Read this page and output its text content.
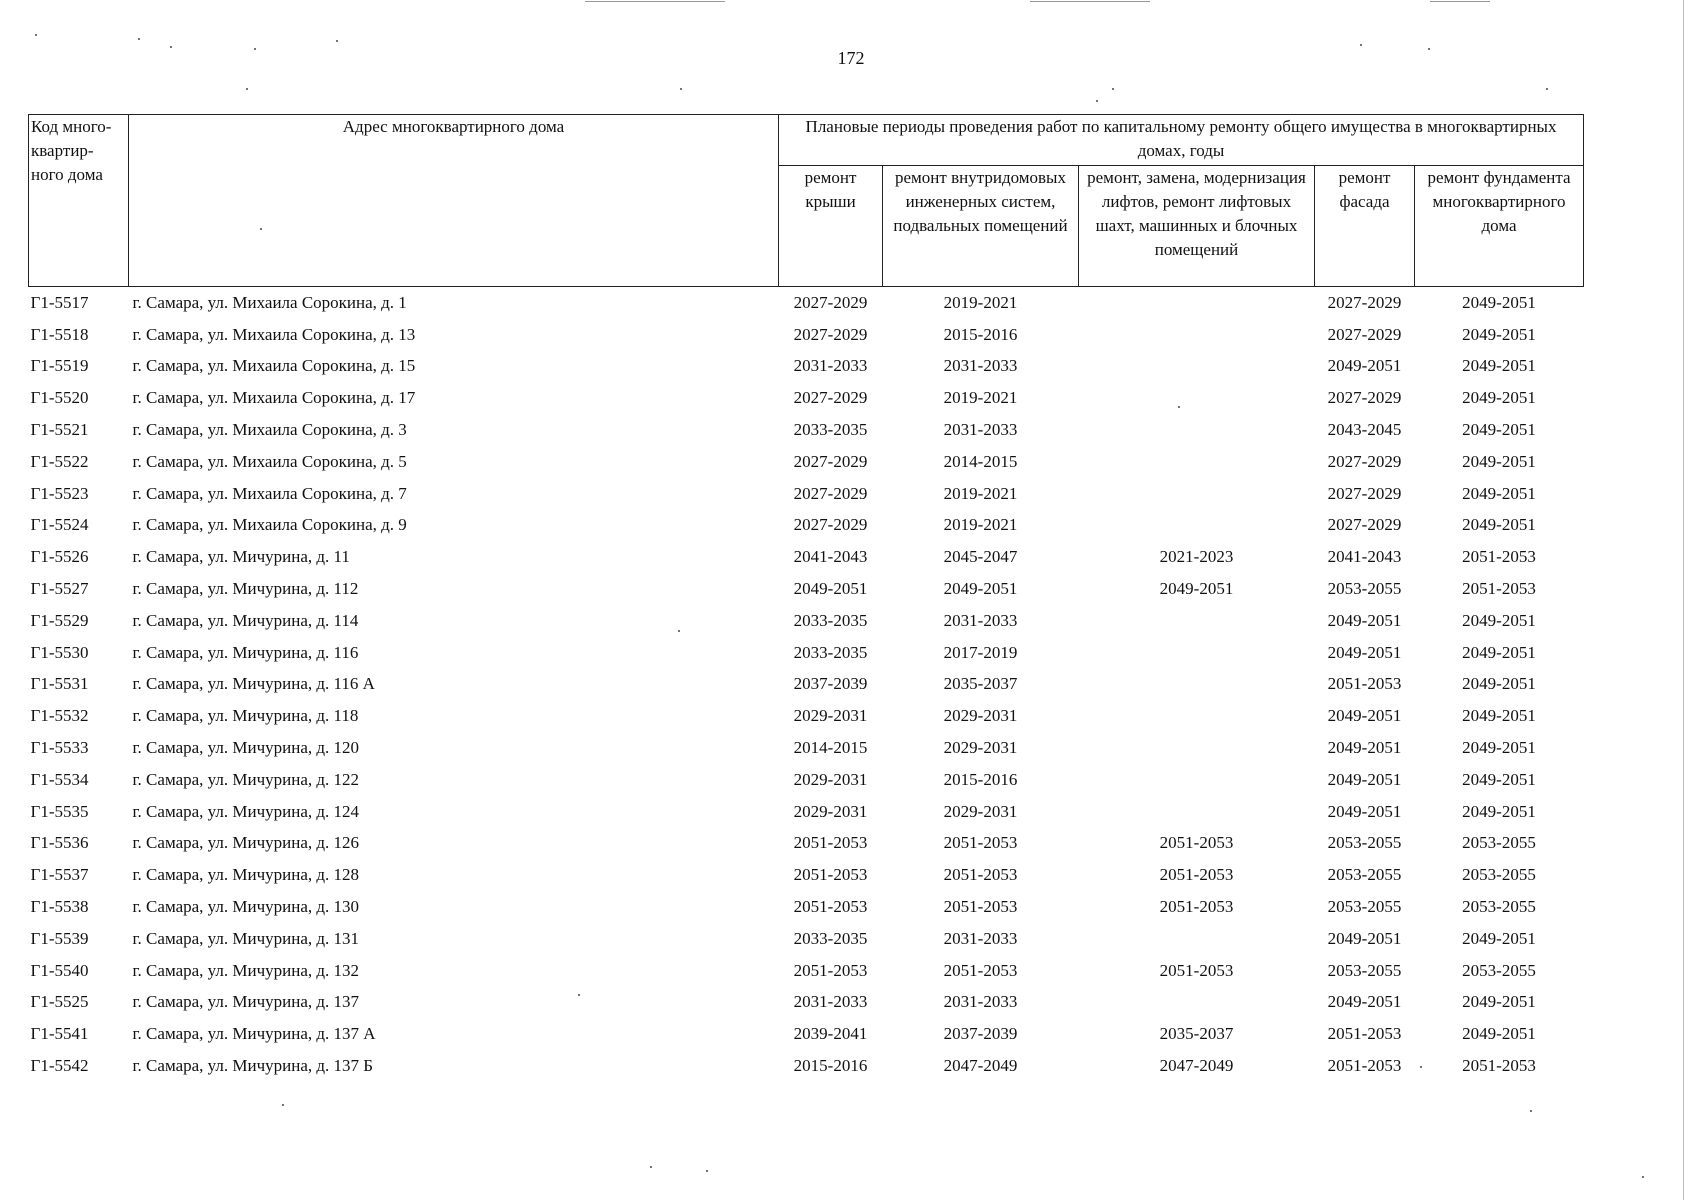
172
Код много-квартир-ного дома	Адрес многоквартирного дома	Плановые периоды проведения работ по капитальному ремонту общего имущества в многоквартирных домах, годы				
		ремонт крыши	ремонт внутридомовых инженерных систем, подвальных помещений	ремонт, замена, модернизация лифтов, ремонт лифтовых шахт, машинных и блочных помещений	ремонт фасада	ремонт фундамента многоквартирного дома
Г1-5517	г. Самара, ул. Михаила Сорокина, д. 1	2027-2029	2019-2021		2027-2029	2049-2051
Г1-5518	г. Самара, ул. Михаила Сорокина, д. 13	2027-2029	2015-2016		2027-2029	2049-2051
Г1-5519	г. Самара, ул. Михаила Сорокина, д. 15	2031-2033	2031-2033		2049-2051	2049-2051
Г1-5520	г. Самара, ул. Михаила Сорокина, д. 17	2027-2029	2019-2021		2027-2029	2049-2051
Г1-5521	г. Самара, ул. Михаила Сорокина, д. 3	2033-2035	2031-2033		2043-2045	2049-2051
Г1-5522	г. Самара, ул. Михаила Сорокина, д. 5	2027-2029	2014-2015		2027-2029	2049-2051
Г1-5523	г. Самара, ул. Михаила Сорокина, д. 7	2027-2029	2019-2021		2027-2029	2049-2051
Г1-5524	г. Самара, ул. Михаила Сорокина, д. 9	2027-2029	2019-2021		2027-2029	2049-2051
Г1-5526	г. Самара, ул. Мичурина, д. 11	2041-2043	2045-2047	2021-2023	2041-2043	2051-2053
Г1-5527	г. Самара, ул. Мичурина, д. 112	2049-2051	2049-2051	2049-2051	2053-2055	2051-2053
Г1-5529	г. Самара, ул. Мичурина, д. 114	2033-2035	2031-2033		2049-2051	2049-2051
Г1-5530	г. Самара, ул. Мичурина, д. 116	2033-2035	2017-2019		2049-2051	2049-2051
Г1-5531	г. Самара, ул. Мичурина, д. 116 А	2037-2039	2035-2037		2051-2053	2049-2051
Г1-5532	г. Самара, ул. Мичурина, д. 118	2029-2031	2029-2031		2049-2051	2049-2051
Г1-5533	г. Самара, ул. Мичурина, д. 120	2014-2015	2029-2031		2049-2051	2049-2051
Г1-5534	г. Самара, ул. Мичурина, д. 122	2029-2031	2015-2016		2049-2051	2049-2051
Г1-5535	г. Самара, ул. Мичурина, д. 124	2029-2031	2029-2031		2049-2051	2049-2051
Г1-5536	г. Самара, ул. Мичурина, д. 126	2051-2053	2051-2053	2051-2053	2053-2055	2053-2055
Г1-5537	г. Самара, ул. Мичурина, д. 128	2051-2053	2051-2053	2051-2053	2053-2055	2053-2055
Г1-5538	г. Самара, ул. Мичурина, д. 130	2051-2053	2051-2053	2051-2053	2053-2055	2053-2055
Г1-5539	г. Самара, ул. Мичурина, д. 131	2033-2035	2031-2033		2049-2051	2049-2051
Г1-5540	г. Самара, ул. Мичурина, д. 132	2051-2053	2051-2053	2051-2053	2053-2055	2053-2055
Г1-5525	г. Самара, ул. Мичурина, д. 137	2031-2033	2031-2033		2049-2051	2049-2051
Г1-5541	г. Самара, ул. Мичурина, д. 137 А	2039-2041	2037-2039	2035-2037	2051-2053	2049-2051
Г1-5542	г. Самара, ул. Мичурина, д. 137 Б	2015-2016	2047-2049	2047-2049	2051-2053	2051-2053
